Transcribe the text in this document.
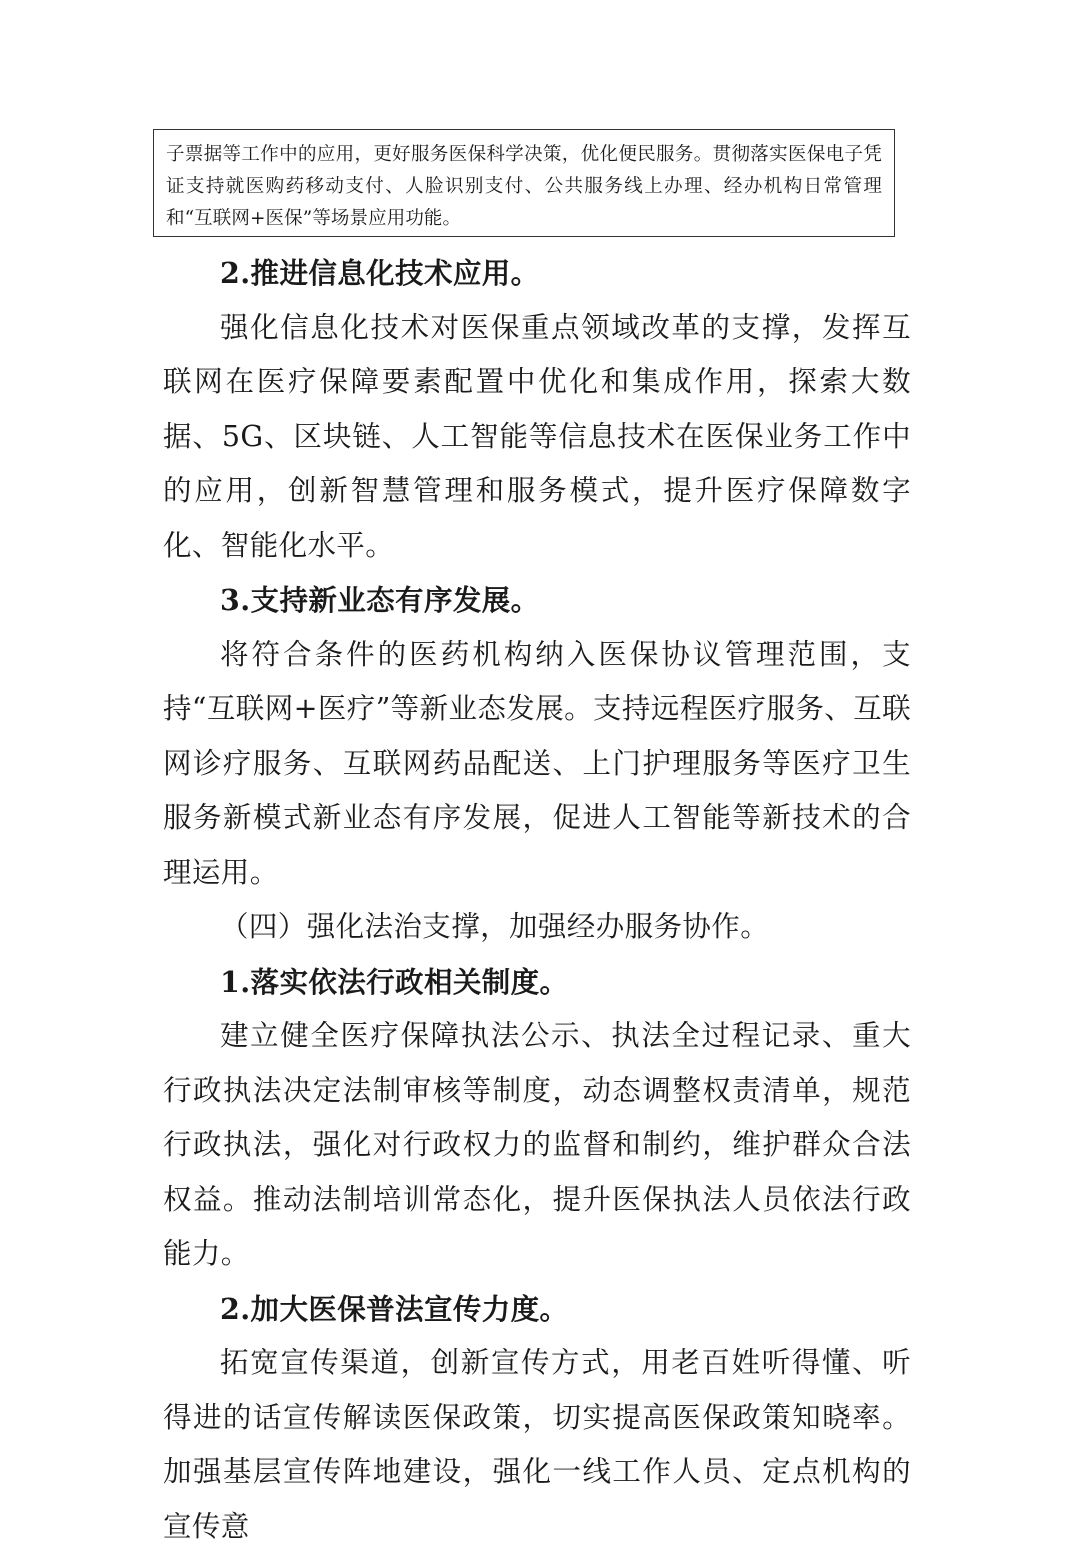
子票据等工作中的应用，更好服务医保科学决策，优化便民服务。贯彻落实医保电子凭证支持就医购药移动支付、人脸识别支付、公共服务线上办理、经办机构日常管理和“互联网+医保”等场景应用功能。

2.推进信息化技术应用。

强化信息化技术对医保重点领域改革的支撑，发挥互联网在医疗保障要素配置中优化和集成作用，探索大数据、5G、区块链、人工智能等信息技术在医保业务工作中的应用，创新智慧管理和服务模式，提升医疗保障数字化、智能化水平。

3.支持新业态有序发展。

将符合条件的医药机构纳入医保协议管理范围，支持“互联网+医疗”等新业态发展。支持远程医疗服务、互联网诊疗服务、互联网药品配送、上门护理服务等医疗卫生服务新模式新业态有序发展，促进人工智能等新技术的合理运用。

（四）强化法治支撑，加强经办服务协作。

1.落实依法行政相关制度。

建立健全医疗保障执法公示、执法全过程记录、重大行政执法决定法制审核等制度，动态调整权责清单，规范行政执法，强化对行政权力的监督和制约，维护群众合法权益。推动法制培训常态化，提升医保执法人员依法行政能力。

2.加大医保普法宣传力度。

拓宽宣传渠道，创新宣传方式，用老百姓听得懂、听得进的话宣传解读医保政策，切实提高医保政策知晓率。加强基层宣传阵地建设，强化一线工作人员、定点机构的宣传意
